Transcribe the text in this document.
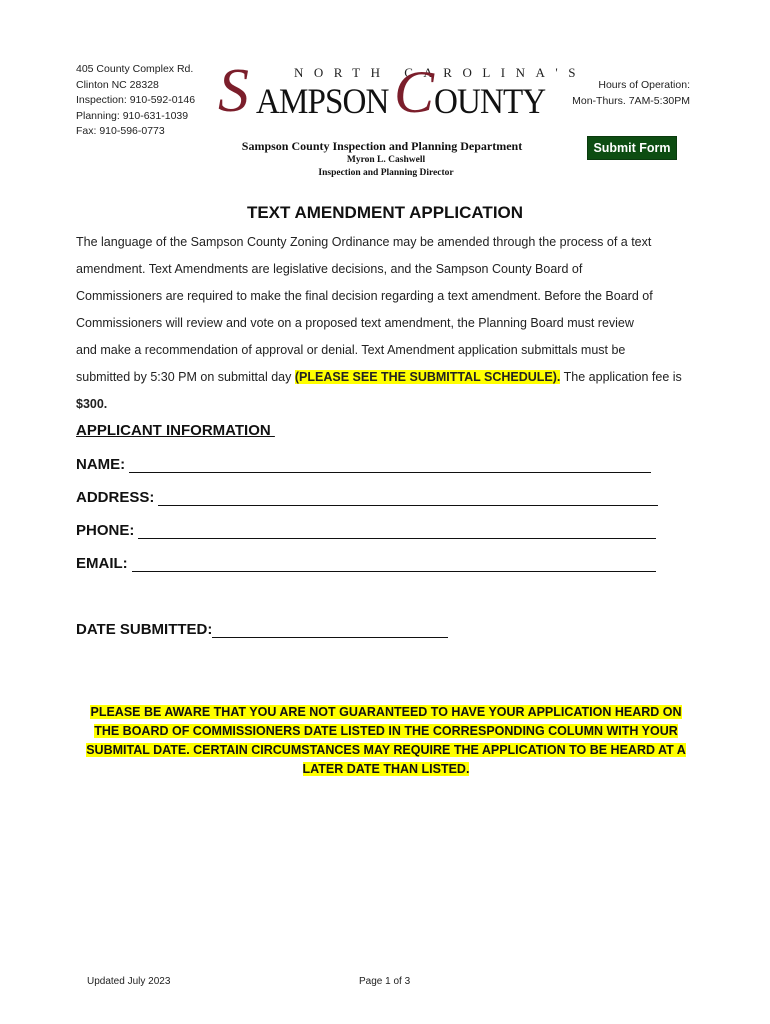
405 County Complex Rd.
Clinton NC 28328
Inspection: 910-592-0146
Planning: 910-631-1039
Fax: 910-596-0773
NORTH CAROLINA'S
S AMPSON C OUNTY	Hours of Operation:
Mon-Thurs. 7AM-5:30PM
Sampson County Inspection and Planning Department
Myron L. Cashwell
Inspection and Planning Director
Submit Form
TEXT AMENDMENT APPLICATION
The language of the Sampson County Zoning Ordinance may be amended through the process of a text
amendment. Text Amendments are legislative decisions, and the Sampson County Board of
Commissioners are required to make the final decision regarding a text amendment. Before the Board of
Commissioners will review and vote on a proposed text amendment, the Planning Board must review
and make a recommendation of approval or denial. Text Amendment application submittals must be
submitted by 5:30 PM on submittal day (PLEASE SEE THE SUBMITTAL SCHEDULE). The application fee is
$300.
APPLICANT INFORMATION
NAME:
ADDRESS:
PHONE:
EMAIL:
DATE SUBMITTED:
PLEASE BE AWARE THAT YOU ARE NOT GUARANTEED TO HAVE YOUR APPLICATION HEARD ON
THE BOARD OF COMMISSIONERS DATE LISTED IN THE CORRESPONDING COLUMN WITH YOUR
SUBMITAL DATE. CERTAIN CIRCUMSTANCES MAY REQUIRE THE APPLICATION TO BE HEARD AT A
LATER DATE THAN LISTED.
Updated July 2023	Page 1 of 3
